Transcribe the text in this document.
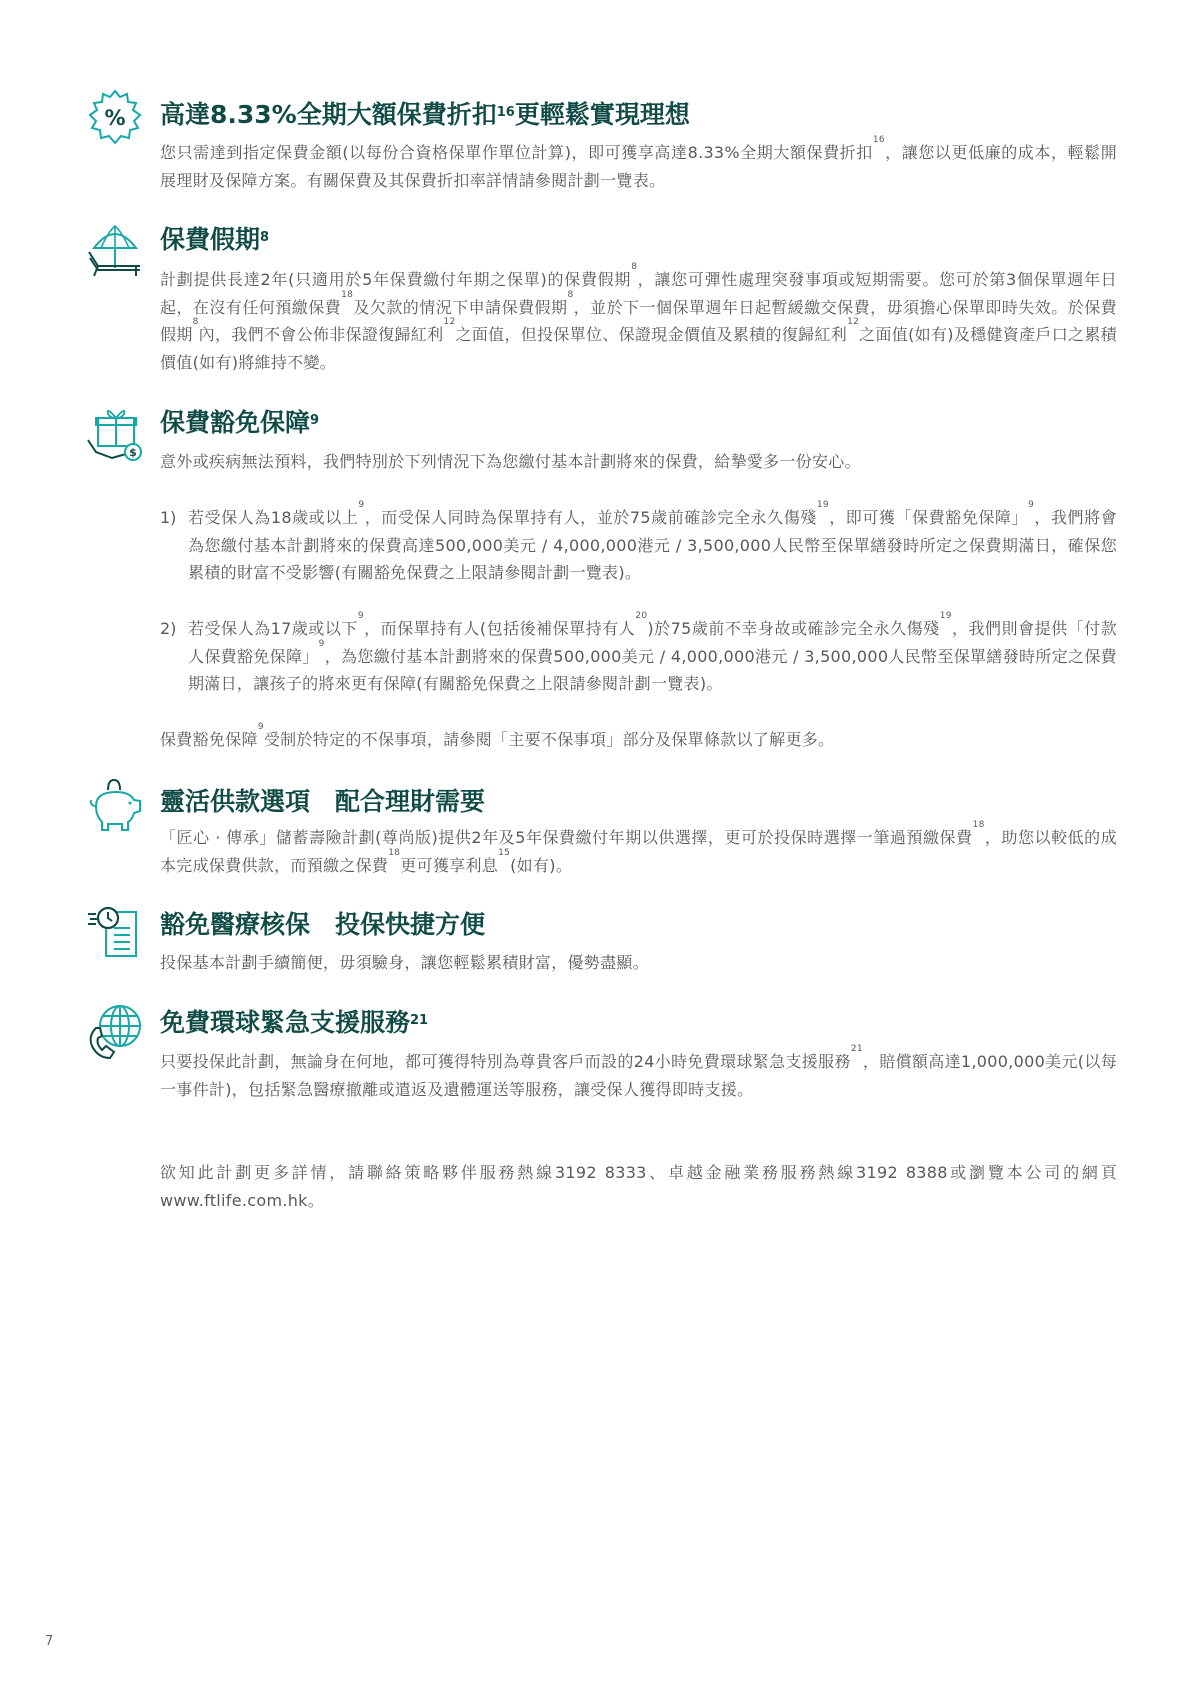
% 高達8.33%全期大額保費折扣$^{16}$更輕鬆實現理想
您只需達到指定保費金額(以每份合資格保單作單位計算)，即可獲享高達8.33%全期大額保費折扣$^{16}$，讓您以更低廉的成本，輕鬆開展理財及保障方案。有關保費及其保費折扣率詳情請參閱計劃一覽表。
保費假期$^8$
計劃提供長達2年(只適用於5年保費繳付年期之保單)的保費假期$^8$，讓您可彈性處理突發事項或短期需要。您可於第3個保單週年日起，在沒有任何預繳保費$^{18}$及欠款的情況下申請保費假期$^8$，並於下一個保單週年日起暫緩繳交保費，毋須擔心保單即時失效。於保費假期$^8$內，我們不會公佈非保證復歸紅利$^{12}$之面值，但投保單位、保證現金價值及累積的復歸紅利$^{12}$之面值(如有)及穩健資產戶口之累積價值(如有)將維持不變。
$
保費豁免保障$^9$
意外或疾病無法預料，我們特別於下列情況下為您繳付基本計劃將來的保費，給摯愛多一份安心。
1) 若受保人為18歲或以上$^9$，而受保人同時為保單持有人，並於75歲前確診完全永久傷殘$^{19}$，即可獲「保費豁免保障」$^9$，我們將會為您繳付基本計劃將來的保費高達500,000美元 / 4,000,000港元 / 3,500,000人民幣至保單繕發時所定之保費期滿日，確保您累積的財富不受影響(有關豁免保費之上限請參閱計劃一覽表)。
2) 若受保人為17歲或以下$^9$，而保單持有人(包括後補保單持有人$^{20}$)於75歲前不幸身故或確診完全永久傷殘$^{19}$，我們則會提供「付款人保費豁免保障」$^9$，為您繳付基本計劃將來的保費500,000美元 / 4,000,000港元 / 3,500,000人民幣至保單繕發時所定之保費期滿日，讓孩子的將來更有保障(有關豁免保費之上限請參閱計劃一覽表)。
保費豁免保障$^9$受制於特定的不保事項，請參閱「主要不保事項」部分及保單條款以了解更多。
靈活供款選項　配合理財需要
「匠心 · 傳承」儲蓄壽險計劃(尊尚版)提供2年及5年保費繳付年期以供選擇，更可於投保時選擇一筆過預繳保費$^{18}$，助您以較低的成本完成保費供款，而預繳之保費$^{18}$更可獲享利息$^{15}$(如有)。
豁免醫療核保　投保快捷方便
投保基本計劃手續簡便，毋須驗身，讓您輕鬆累積財富，優勢盡顯。
免費環球緊急支援服務$^{21}$
只要投保此計劃，無論身在何地，都可獲得特別為尊貴客戶而設的24小時免費環球緊急支援服務$^{21}$，賠償額高達1,000,000美元(以每一事件計)，包括緊急醫療撤離或遣返及遺體運送等服務，讓受保人獲得即時支援。
欲知此計劃更多詳情，請聯絡策略夥伴服務熱線3192 8333、卓越金融業務服務熱線3192 8388或瀏覽本公司的網頁www.ftlife.com.hk。
7
